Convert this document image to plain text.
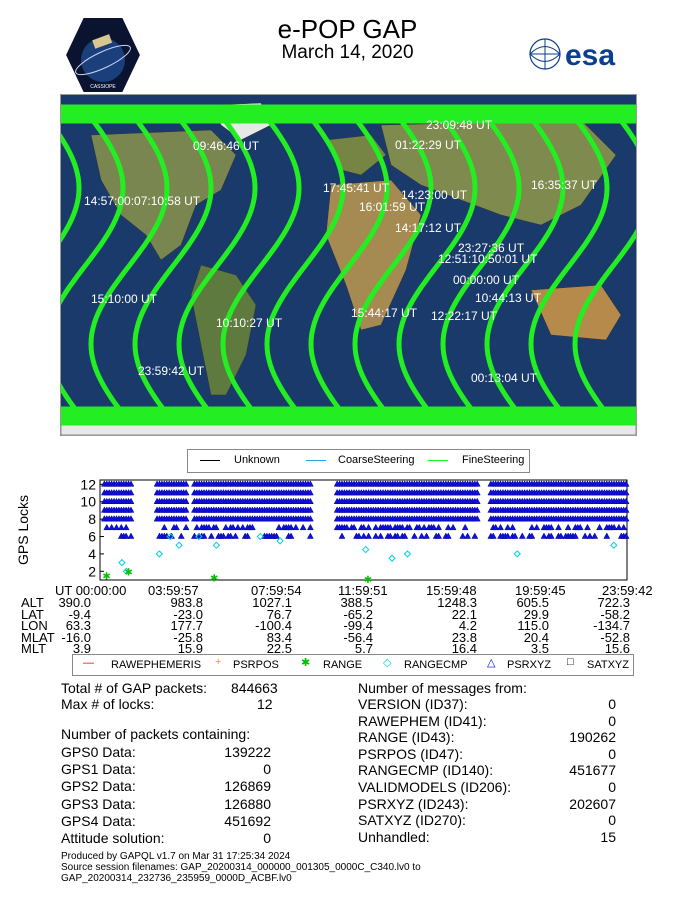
e-POP GAP
March 14, 2020
CASSIOPE
esa
23:09:48 UT
09:46:46 UT	01:22:29 UT
17:45:41 UT 14:23:00 UT
16:35:37 UT
14:57:00:07:10:58 UT	16:01:59 UT
14:17:12 UT
23:27:36 UT
12:51:10:50:01 UT
00:00:00 UT
10:44:13 UT
15:10:00 UT
10:10:27 UT
15:44:17 UT 12:22:17 UT
23:59:42 UT	00:13:04 UT
Unknown	CoarseSteering	FineSteering
GPS Locks
2
4
6
8
10
12
✱ ✱
✱	✱
UT 00:00:00 03:59:57	07:59:54	11:59:51	15:59:48	19:59:45	23:59:42
ALT	390.0	983.8	1027.1	388.5	1248.3	605.5	722.3
LAT	-9.4	-23.0	76.7	-65.2	22.1	29.9	-58.2
LON	63.3	177.7	-100.4	-99.4	4.2	115.0	-134.7
MLAT -16.0	-25.8	83.4	-56.4	23.8	20.4	-52.8
MLT	3.9	15.9	22.5	5.7	16.4	3.5	15.6
— RAWEPHEMERIS + PSRPOS ✱ RANGE ◇ RANGECMP △ PSRXYZ □ SATXYZ
Total # of GAP packets: 844663
Max # of locks:	12
Number of packets containing:
GPS0 Data:	139222
GPS1 Data:	0
GPS2 Data:	126869
GPS3 Data:	126880
GPS4 Data:	451692
Attitude solution:	0
Number of messages from:
VERSION (ID37):	0
RAWEPHEM (ID41):	0
RANGE (ID43):	190262
PSRPOS (ID47):	0
RANGECMP (ID140):	451677
VALIDMODELS (ID206):	0
PSRXYZ (ID243):	202607
SATXYZ (ID270):	0
Unhandled:	15
Produced by GAPQL v1.7 on Mar 31 17:25:34 2024
Source session filenames: GAP_20200314_000000_001305_0000C_C340.lv0 to
GAP_20200314_232736_235959_0000D_ACBF.lv0
